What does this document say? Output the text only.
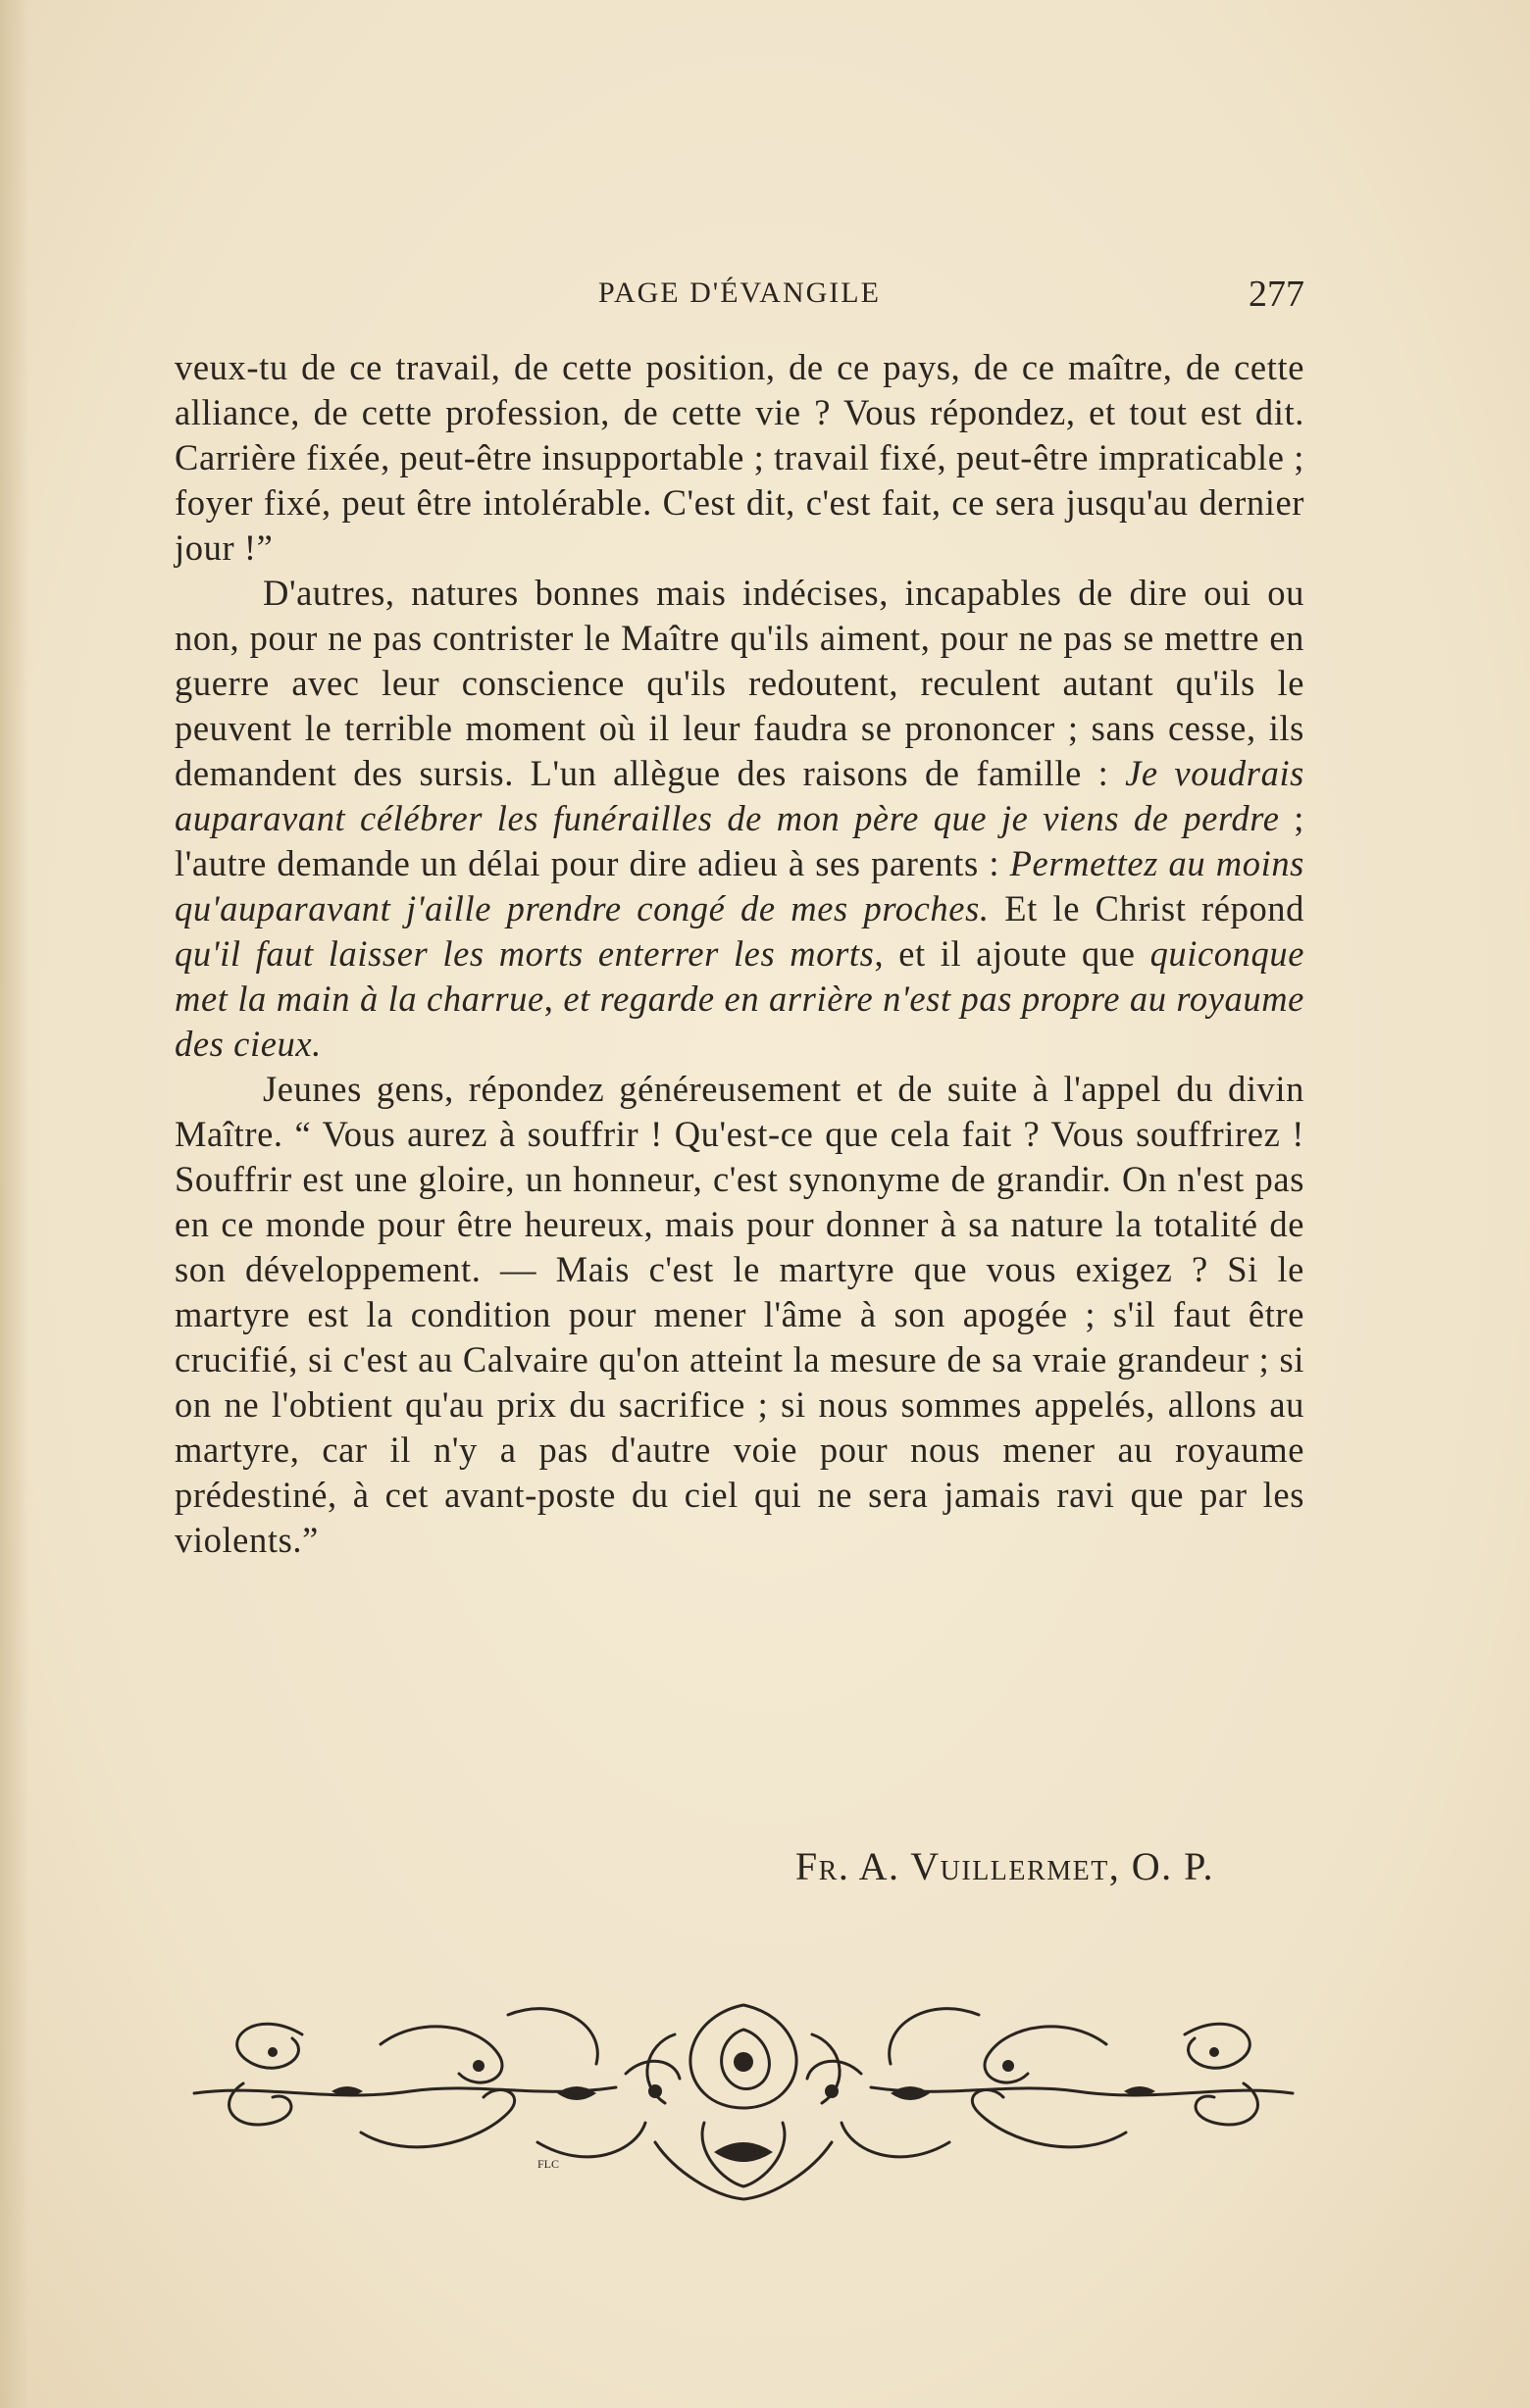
PAGE D'ÉVANGILE	277

veux-tu de ce travail, de cette position, de ce pays, de ce maître, de cette alliance, de cette profession, de cette vie ? Vous répondez, et tout est dit. Carrière fixée, peut-être insupportable ; travail fixé, peut-être impraticable ; foyer fixé, peut être intolérable. C'est dit, c'est fait, ce sera jusqu'au dernier jour !”

D'autres, natures bonnes mais indécises, incapables de dire oui ou non, pour ne pas contrister le Maître qu'ils aiment, pour ne pas se mettre en guerre avec leur conscience qu'ils redoutent, reculent autant qu'ils le peuvent le terrible moment où il leur faudra se prononcer ; sans cesse, ils demandent des sursis. L'un allègue des raisons de famille : Je voudrais auparavant célébrer les funérailles de mon père que je viens de perdre ; l'autre demande un délai pour dire adieu à ses parents : Permettez au moins qu'auparavant j'aille prendre congé de mes proches. Et le Christ répond qu'il faut laisser les morts enterrer les morts, et il ajoute que quiconque met la main à la charrue, et regarde en arrière n'est pas propre au royaume des cieux.

Jeunes gens, répondez généreusement et de suite à l'appel du divin Maître. “ Vous aurez à souffrir ! Qu'est-ce que cela fait ? Vous souffrirez ! Souffrir est une gloire, un honneur, c'est synonyme de grandir. On n'est pas en ce monde pour être heureux, mais pour donner à sa nature la totalité de son développement. — Mais c'est le martyre que vous exigez ? Si le martyre est la condition pour mener l'âme à son apogée ; s'il faut être crucifié, si c'est au Calvaire qu'on atteint la mesure de sa vraie grandeur ; si on ne l'obtient qu'au prix du sacrifice ; si nous sommes appelés, allons au martyre, car il n'y a pas d'autre voie pour nous mener au royaume prédestiné, à cet avant-poste du ciel qui ne sera jamais ravi que par les violents.”

Fr. A. Vuillermet, O. P.
FLC
